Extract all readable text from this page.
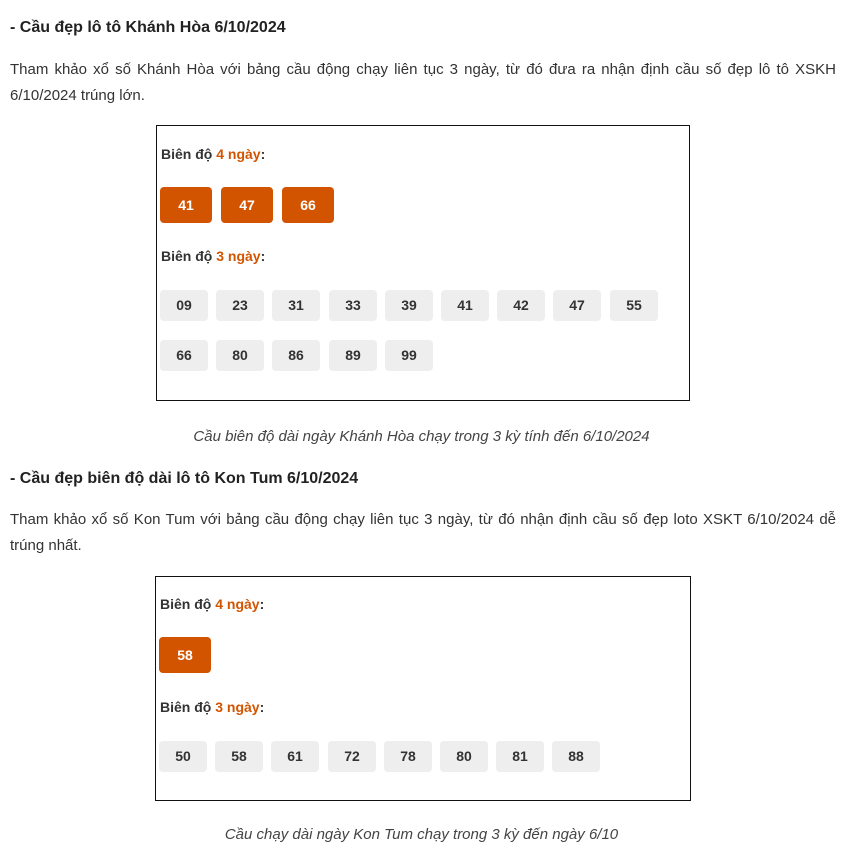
- Cầu đẹp lô tô Khánh Hòa 6/10/2024

Tham khảo xổ số Khánh Hòa với bảng cầu động chạy liên tục 3 ngày, từ đó đưa ra nhận định cầu số đẹp lô tô XSKH 6/10/2024 trúng lớn.

Biên độ 4 ngày:
41	47	66
Biên độ 3 ngày:
09	23	31	33	39	41	42	47	55
66	80	86	89	99
Cầu biên độ dài ngày Khánh Hòa chạy trong 3 kỳ tính đến 6/10/2024
- Cầu đẹp biên độ dài lô tô Kon Tum 6/10/2024

Tham khảo xổ số Kon Tum với bảng cầu động chạy liên tục 3 ngày, từ đó nhận định cầu số đẹp loto XSKT 6/10/2024 dễ trúng nhất.

Biên độ 4 ngày:
58
Biên độ 3 ngày:
50	58	61	72	78	80	81	88
Cầu chạy dài ngày Kon Tum chạy trong 3 kỳ đến ngày 6/10
